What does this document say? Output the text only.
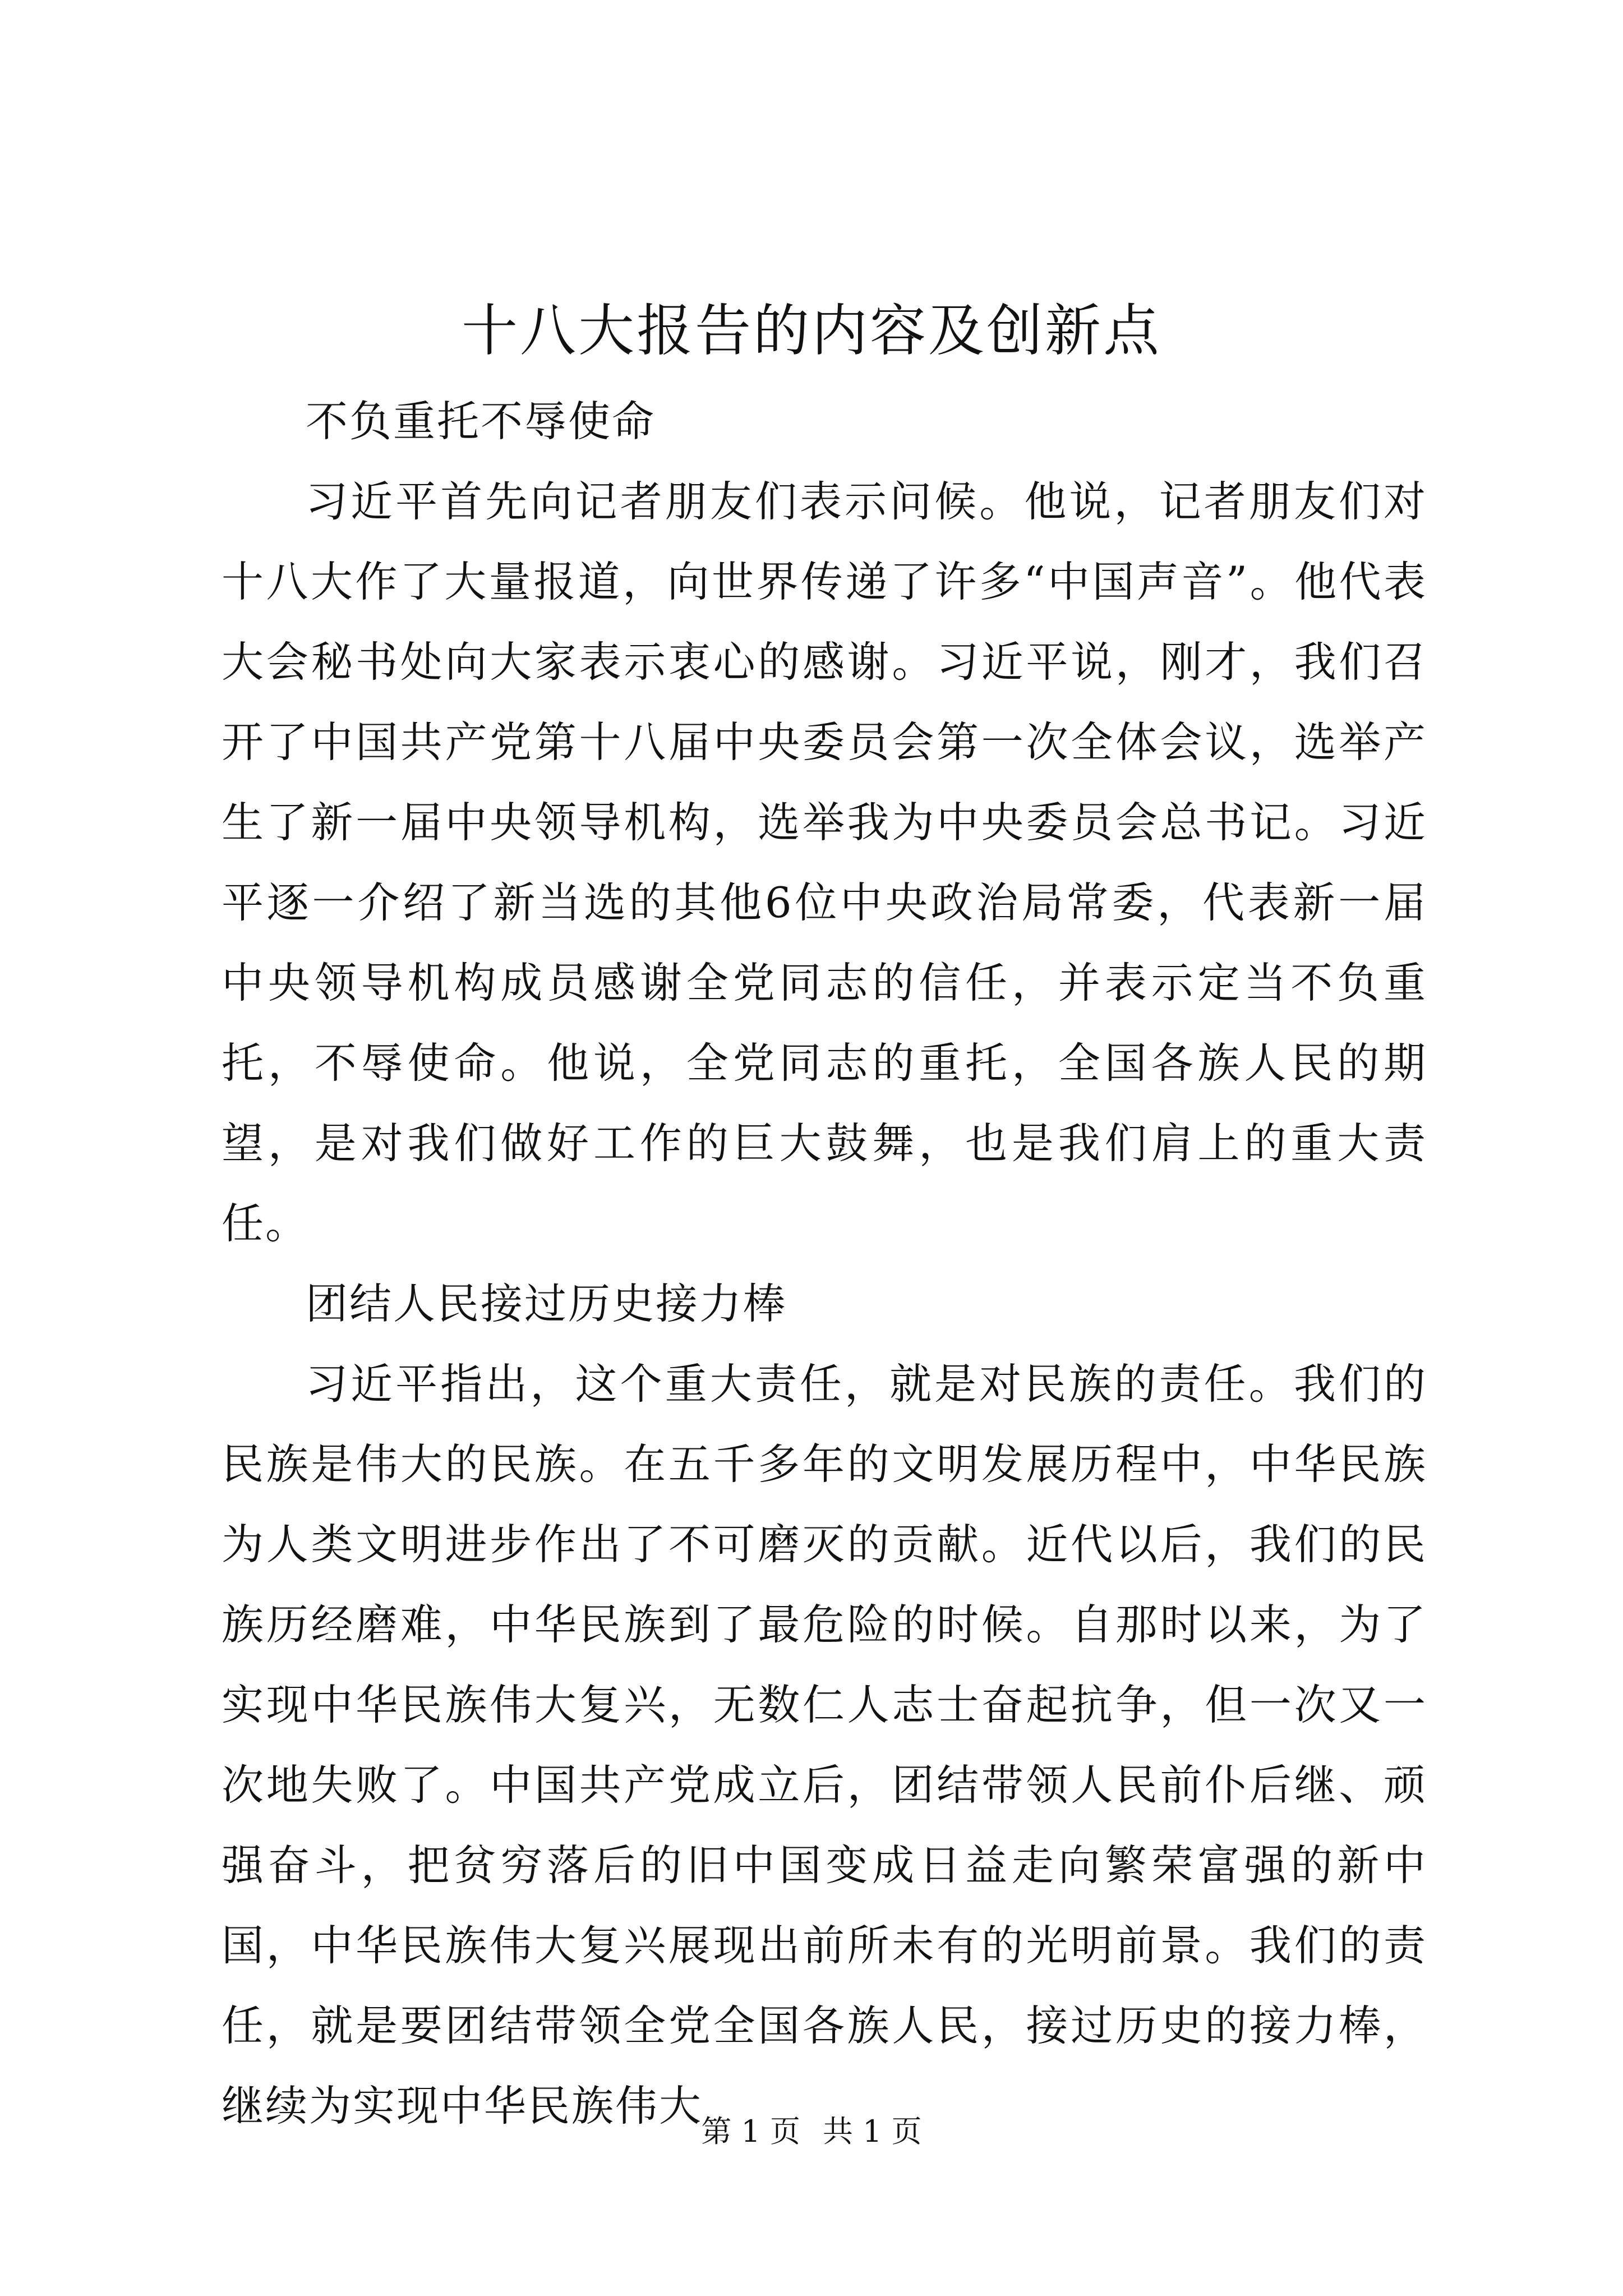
十八大报告的内容及创新点

不负重托不辱使命

习近平首先向记者朋友们表示问候。他说，记者朋友们对十八大作了大量报道，向世界传递了许多“中国声音”。他代表大会秘书处向大家表示衷心的感谢。习近平说，刚才，我们召开了中国共产党第十八届中央委员会第一次全体会议，选举产生了新一届中央领导机构，选举我为中央委员会总书记。习近平逐一介绍了新当选的其他6位中央政治局常委，代表新一届中央领导机构成员感谢全党同志的信任，并表示定当不负重托，不辱使命。他说，全党同志的重托，全国各族人民的期望，是对我们做好工作的巨大鼓舞，也是我们肩上的重大责任。

团结人民接过历史接力棒

习近平指出，这个重大责任，就是对民族的责任。我们的民族是伟大的民族。在五千多年的文明发展历程中，中华民族为人类文明进步作出了不可磨灭的贡献。近代以后，我们的民族历经磨难，中华民族到了最危险的时候。自那时以来，为了实现中华民族伟大复兴，无数仁人志士奋起抗争，但一次又一次地失败了。中国共产党成立后，团结带领人民前仆后继、顽强奋斗，把贫穷落后的旧中国变成日益走向繁荣富强的新中国，中华民族伟大复兴展现出前所未有的光明前景。我们的责任，就是要团结带领全党全国各族人民，接过历史的接力棒，继续为实现中华民族伟大

第 1 页 共 1 页
